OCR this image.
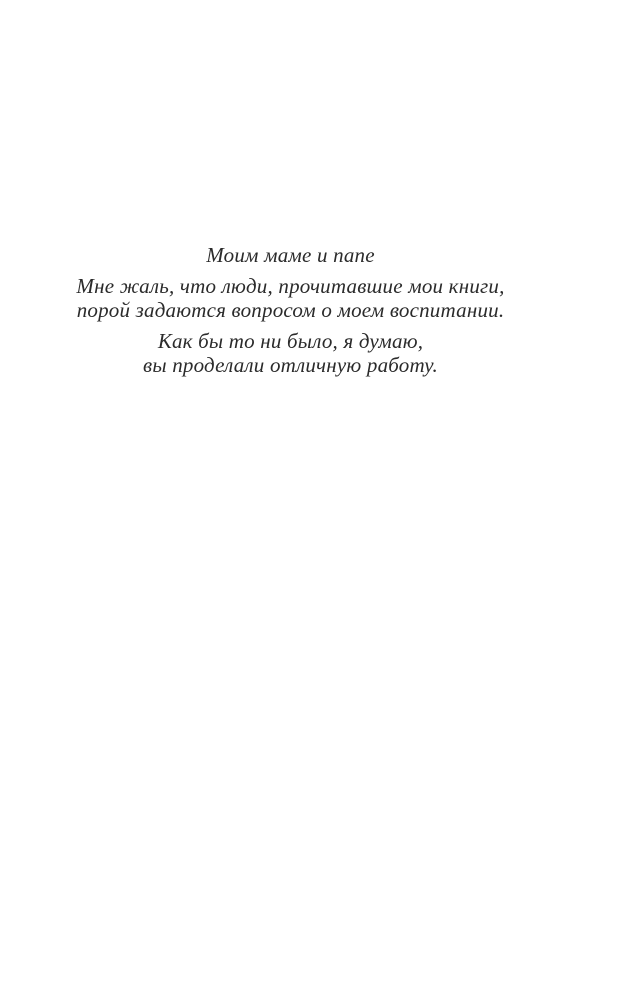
Моим маме и папе

Мне жаль, что люди, прочитавшие мои книги,
порой задаются вопросом о моем воспитании.

Как бы то ни было, я думаю,
вы проделали отличную работу.
